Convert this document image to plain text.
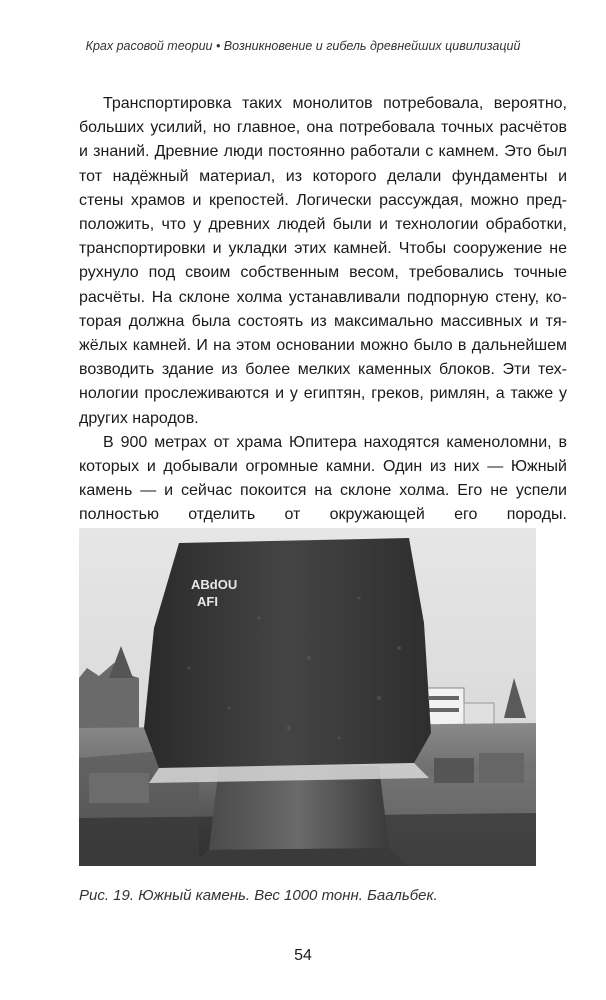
Крах расовой теории • Возникновение и гибель древнейших цивилизаций

Транспортировка таких монолитов потребовала, вероятно, больших усилий, но главное, она потребовала точных расчётов и знаний. Древние люди постоянно работали с камнем. Это был тот надёжный материал, из которого делали фундаменты и стены храмов и крепостей. Логически рассуждая, можно предположить, что у древних людей были и технологии обработки, транспортировки и укладки этих камней. Чтобы сооружение не рухнуло под своим собственным весом, требовались точные расчёты. На склоне холма устанавливали подпорную стену, которая должна была состоять из максимально массивных и тяжёлых камней. И на этом основании можно было в дальнейшем возводить здание из более мелких каменных блоков. Эти технологии прослеживаются и у египтян, греков, римлян, а также у других народов.

В 900 метрах от храма Юпитера находятся каменоломни, в которых и добывали огромные камни. Один из них — Южный камень — и сейчас покоится на склоне холма. Его не успели полностью отделить от окружающей его породы.

ABdOU
AFI
Рис. 19. Южный камень. Вес 1000 тонн. Баальбек.
54
